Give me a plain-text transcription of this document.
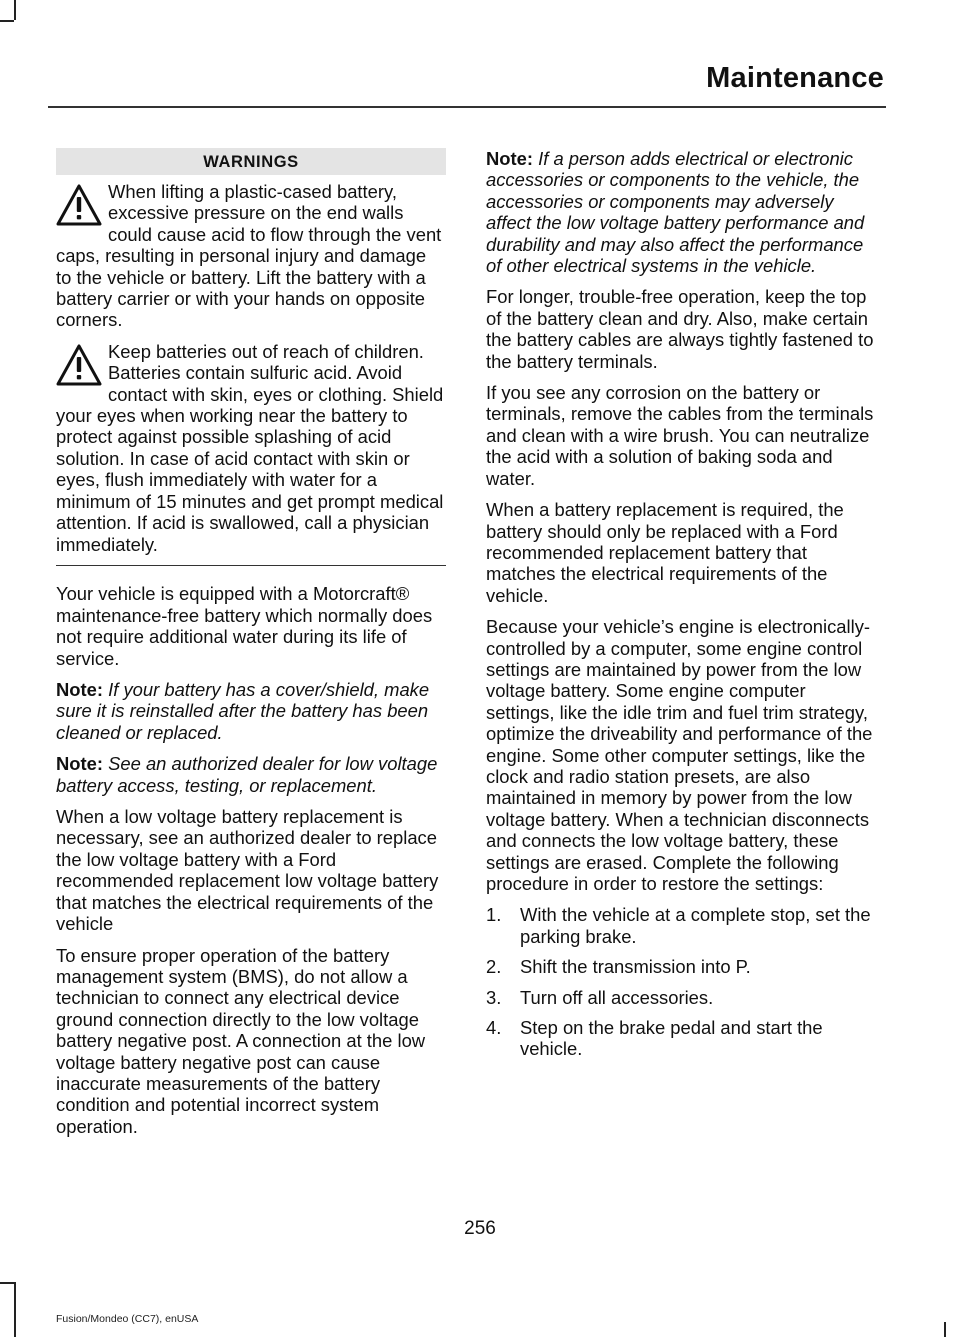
Maintenance
WARNINGS
When lifting a plastic-cased battery, excessive pressure on the end walls could cause acid to flow through the vent caps, resulting in personal injury and damage to the vehicle or battery. Lift the battery with a battery carrier or with your hands on opposite corners.
Keep batteries out of reach of children. Batteries contain sulfuric acid. Avoid contact with skin, eyes or clothing. Shield your eyes when working near the battery to protect against possible splashing of acid solution. In case of acid contact with skin or eyes, flush immediately with water for a minimum of 15 minutes and get prompt medical attention. If acid is swallowed, call a physician immediately.

Your vehicle is equipped with a Motorcraft® maintenance-free battery which normally does not require additional water during its life of service.

Note: If your battery has a cover/shield, make sure it is reinstalled after the battery has been cleaned or replaced.

Note: See an authorized dealer for low voltage battery access, testing, or replacement.

When a low voltage battery replacement is necessary, see an authorized dealer to replace the low voltage battery with a Ford recommended replacement low voltage battery that matches the electrical requirements of the vehicle

To ensure proper operation of the battery management system (BMS), do not allow a technician to connect any electrical device ground connection directly to the low voltage battery negative post. A connection at the low voltage battery negative post can cause inaccurate measurements of the battery condition and potential incorrect system operation.

Note: If a person adds electrical or electronic accessories or components to the vehicle, the accessories or components may adversely affect the low voltage battery performance and durability and may also affect the performance of other electrical systems in the vehicle.

For longer, trouble-free operation, keep the top of the battery clean and dry. Also, make certain the battery cables are always tightly fastened to the battery terminals.

If you see any corrosion on the battery or terminals, remove the cables from the terminals and clean with a wire brush. You can neutralize the acid with a solution of baking soda and water.

When a battery replacement is required, the battery should only be replaced with a Ford recommended replacement battery that matches the electrical requirements of the vehicle.

Because your vehicle’s engine is electronically-controlled by a computer, some engine control settings are maintained by power from the low voltage battery. Some engine computer settings, like the idle trim and fuel trim strategy, optimize the driveability and performance of the engine. Some other computer settings, like the clock and radio station presets, are also maintained in memory by power from the low voltage battery. When a technician disconnects and connects the low voltage battery, these settings are erased. Complete the following procedure in order to restore the settings:

1. With the vehicle at a complete stop, set the parking brake.
2. Shift the transmission into P.
3. Turn off all accessories.
4. Step on the brake pedal and start the vehicle.
256
Fusion/Mondeo (CC7), enUSA
